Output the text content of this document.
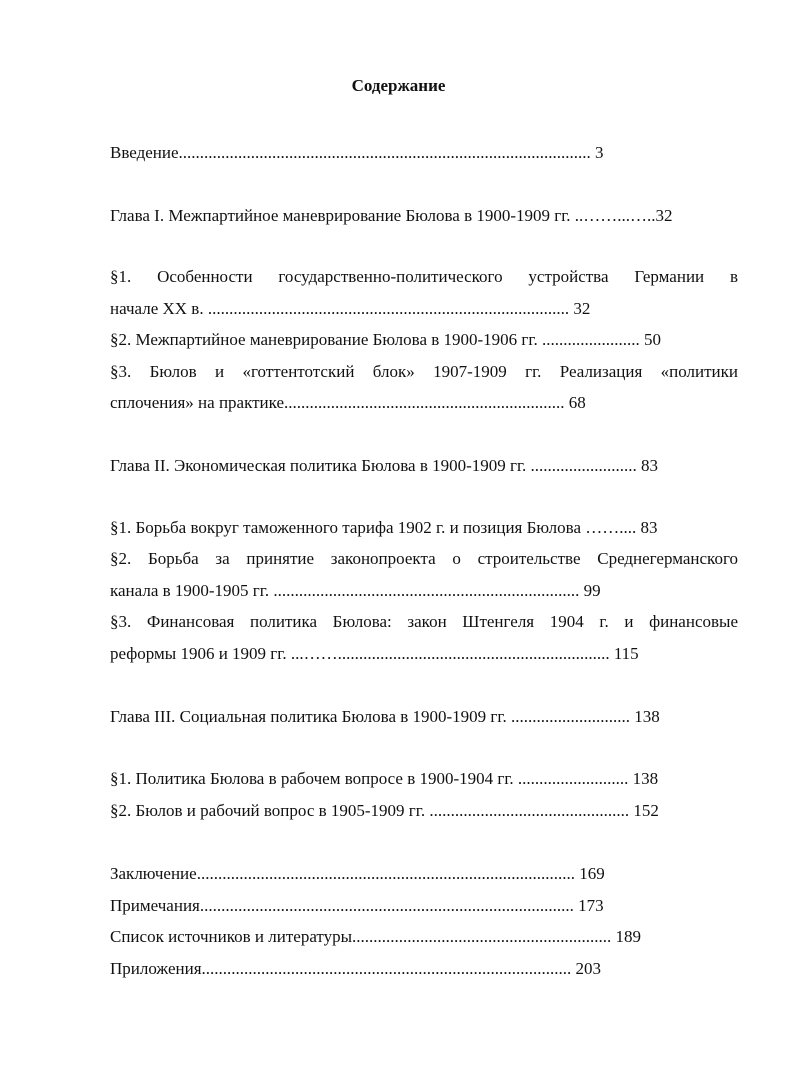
Содержание
Введение................................................................................................. 3
Глава I. Межпартийное маневрирование Бюлова в 1900-1909 гг. ..……...…..32
§1. Особенности государственно-политического устройства Германии в
начале XX в. ..................................................................................... 32
§2. Межпартийное маневрирование Бюлова в 1900-1906 гг. ....................... 50
§3. Бюлов и «готтентотский блок» 1907-1909 гг. Реализация «политики
сплочения» на практике.................................................................. 68
Глава II. Экономическая политика Бюлова в 1900-1909 гг. ......................... 83
§1. Борьба вокруг таможенного тарифа 1902 г. и позиция Бюлова …….... 83
§2. Борьба за принятие законопроекта о строительстве Среднегерманского
канала в 1900-1905 гг. ........................................................................ 99
§3. Финансовая политика Бюлова: закон Штенгеля 1904 г. и финансовые
реформы 1906 и 1909 гг. ...……................................................................ 115
Глава III. Социальная политика Бюлова в 1900-1909 гг. ............................ 138
§1. Политика Бюлова в рабочем вопросе в 1900-1904 гг. .......................... 138
§2. Бюлов и рабочий вопрос в 1905-1909 гг. ............................................... 152
Заключение......................................................................................... 169
Примечания........................................................................................ 173
Список источников и литературы............................................................. 189
Приложения....................................................................................... 203
